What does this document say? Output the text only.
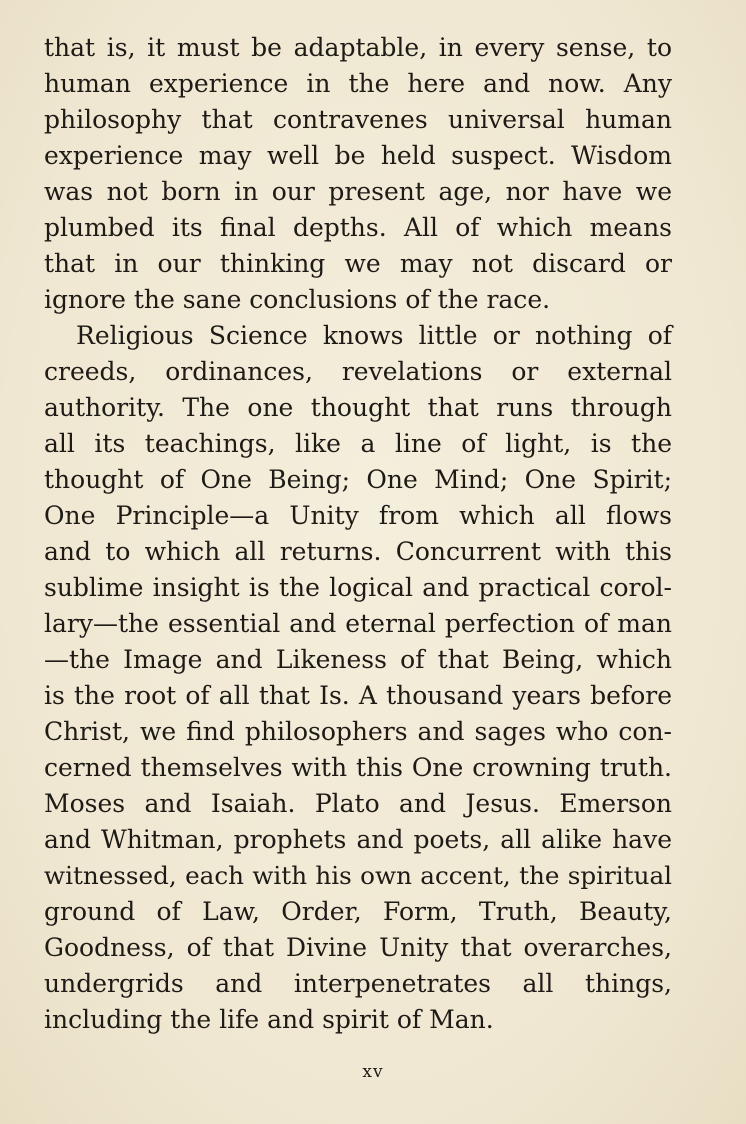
that is, it must be adaptable, in every sense, to
human experience in the here and now. Any
philosophy that contravenes universal human
experience may well be held suspect. Wisdom
was not born in our present age, nor have we
plumbed its final depths. All of which means
that in our thinking we may not discard or
ignore the sane conclusions of the race.
Religious Science knows little or nothing of
creeds, ordinances, revelations or external
authority. The one thought that runs through
all its teachings, like a line of light, is the
thought of One Being; One Mind; One Spirit;
One Principle—a Unity from which all flows
and to which all returns. Concurrent with this
sublime insight is the logical and practical corol-
lary—the essential and eternal perfection of man
—the Image and Likeness of that Being, which
is the root of all that Is. A thousand years before
Christ, we find philosophers and sages who con-
cerned themselves with this One crowning truth.
Moses and Isaiah. Plato and Jesus. Emerson
and Whitman, prophets and poets, all alike have
witnessed, each with his own accent, the spiritual
ground of Law, Order, Form, Truth, Beauty,
Goodness, of that Divine Unity that overarches,
undergrids and interpenetrates all things,
including the life and spirit of Man.
xv
